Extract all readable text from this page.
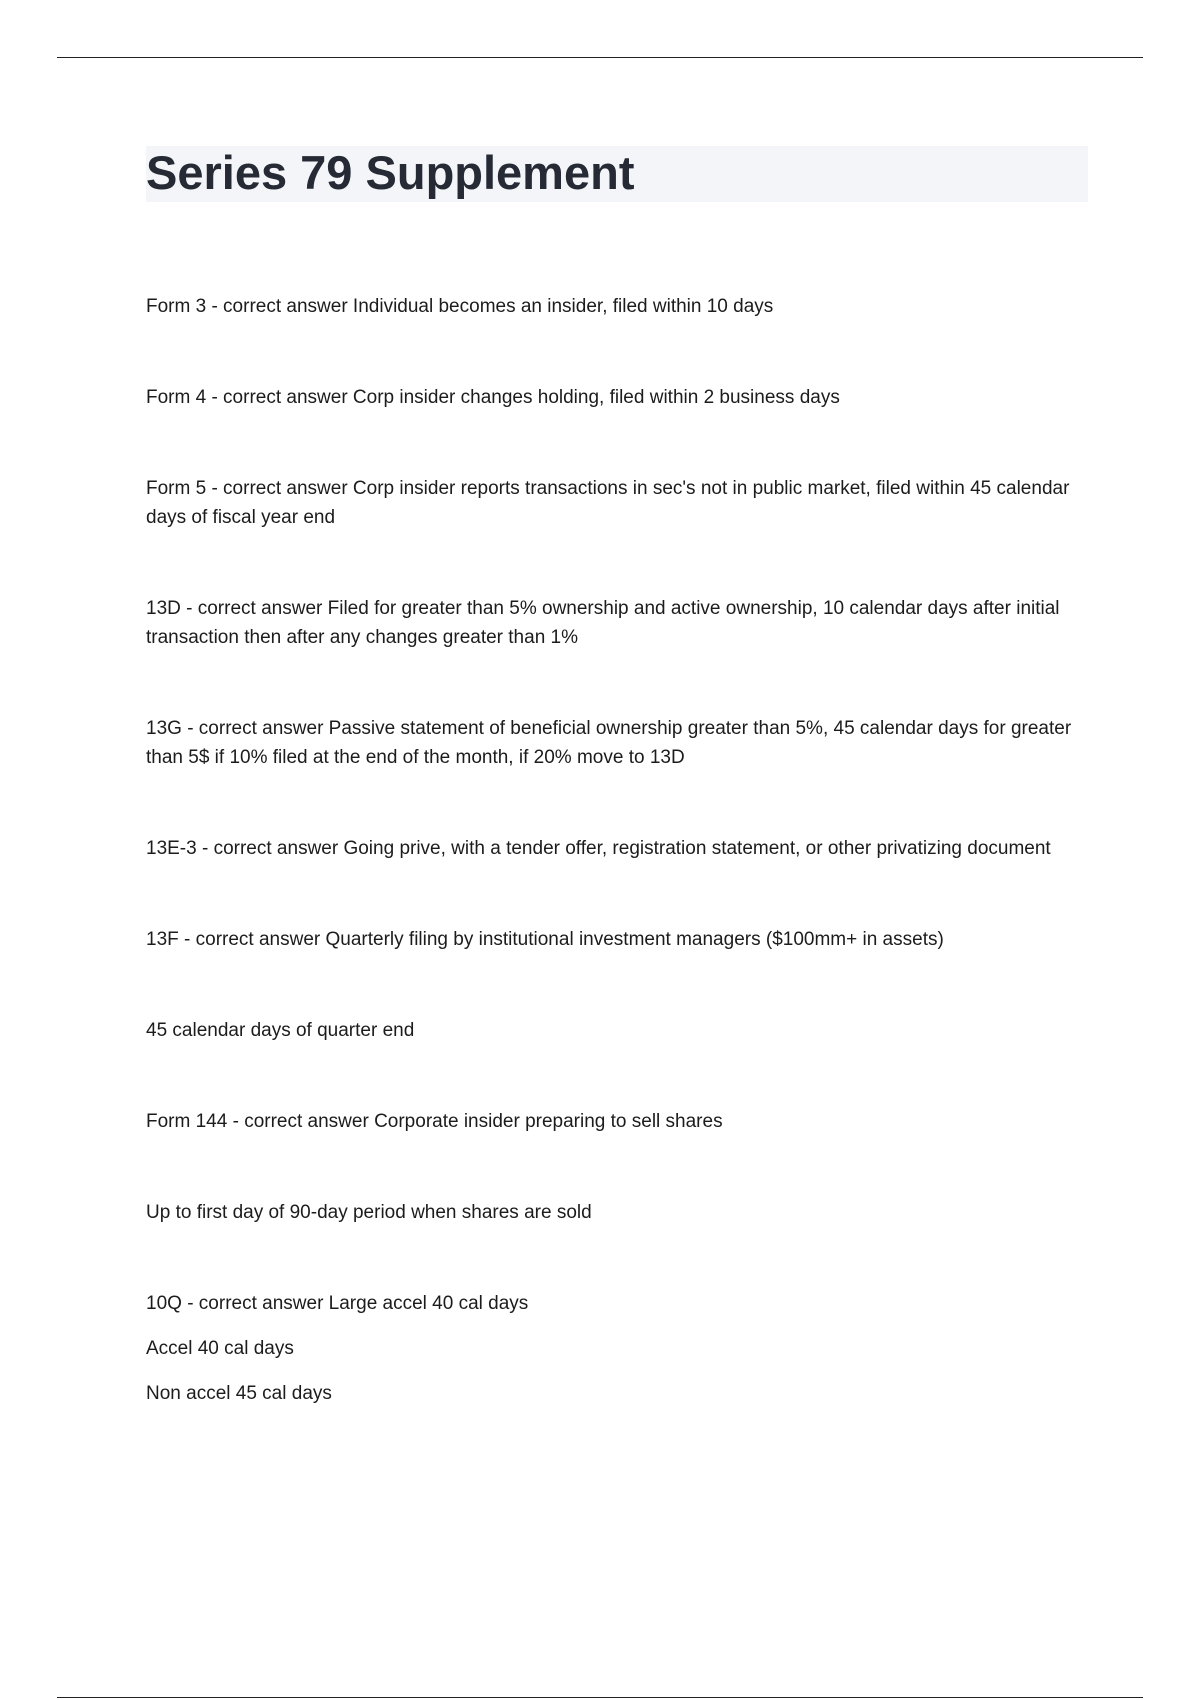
Series 79 Supplement

Form 3 - correct answer Individual becomes an insider, filed within 10 days

Form 4 - correct answer Corp insider changes holding, filed within 2 business days

Form 5 - correct answer Corp insider reports transactions in sec's not in public market, filed within 45 calendar days of fiscal year end

13D - correct answer Filed for greater than 5% ownership and active ownership, 10 calendar days after initial transaction then after any changes greater than 1%

13G - correct answer Passive statement of beneficial ownership greater than 5%, 45 calendar days for greater than 5$ if 10% filed at the end of the month, if 20% move to 13D

13E-3 - correct answer Going prive, with a tender offer, registration statement, or other privatizing document

13F - correct answer Quarterly filing by institutional investment managers ($100mm+ in assets)

45 calendar days of quarter end

Form 144 - correct answer Corporate insider preparing to sell shares

Up to first day of 90-day period when shares are sold

10Q - correct answer Large accel 40 cal days

Accel 40 cal days

Non accel 45 cal days
